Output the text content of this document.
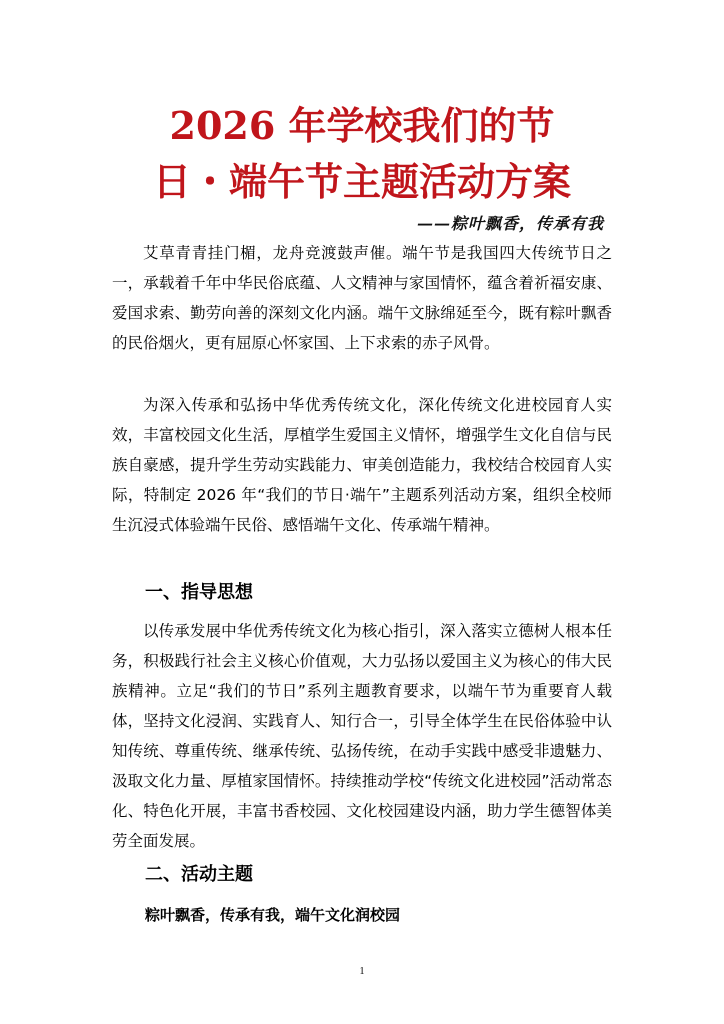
2026 年学校我们的节
日・端午节主题活动方案
——粽叶飘香，传承有我

艾草青青挂门楣，龙舟竞渡鼓声催。端午节是我国四大传统节日之一，承载着千年中华民俗底蕴、人文精神与家国情怀，蕴含着祈福安康、爱国求索、勤劳向善的深刻文化内涵。端午文脉绵延至今，既有粽叶飘香的民俗烟火，更有屈原心怀家国、上下求索的赤子风骨。

为深入传承和弘扬中华优秀传统文化，深化传统文化进校园育人实效，丰富校园文化生活，厚植学生爱国主义情怀，增强学生文化自信与民族自豪感，提升学生劳动实践能力、审美创造能力，我校结合校园育人实际，特制定 2026 年“我们的节日·端午”主题系列活动方案，组织全校师生沉浸式体验端午民俗、感悟端午文化、传承端午精神。

一、指导思想

以传承发展中华优秀传统文化为核心指引，深入落实立德树人根本任务，积极践行社会主义核心价值观，大力弘扬以爱国主义为核心的伟大民族精神。立足“我们的节日”系列主题教育要求，以端午节为重要育人载体，坚持文化浸润、实践育人、知行合一，引导全体学生在民俗体验中认知传统、尊重传统、继承传统、弘扬传统，在动手实践中感受非遗魅力、汲取文化力量、厚植家国情怀。持续推动学校“传统文化进校园”活动常态化、特色化开展，丰富书香校园、文化校园建设内涵，助力学生德智体美劳全面发展。

二、活动主题

粽叶飘香，传承有我，端午文化润校园

1
